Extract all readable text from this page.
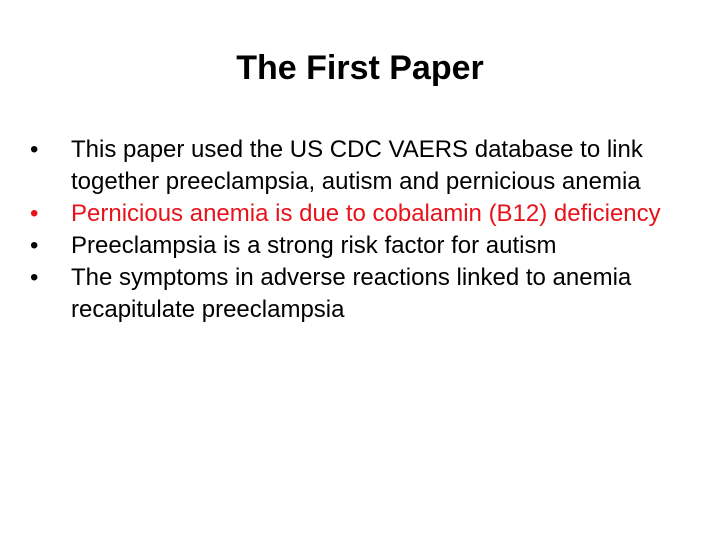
The First Paper
•	This paper used the US CDC VAERS database to link together preeclampsia, autism and pernicious anemia
•	Pernicious anemia is due to cobalamin (B12) deficiency
•	Preeclampsia is a strong risk factor for autism
•	The symptoms in adverse reactions linked to anemia recapitulate preeclampsia
